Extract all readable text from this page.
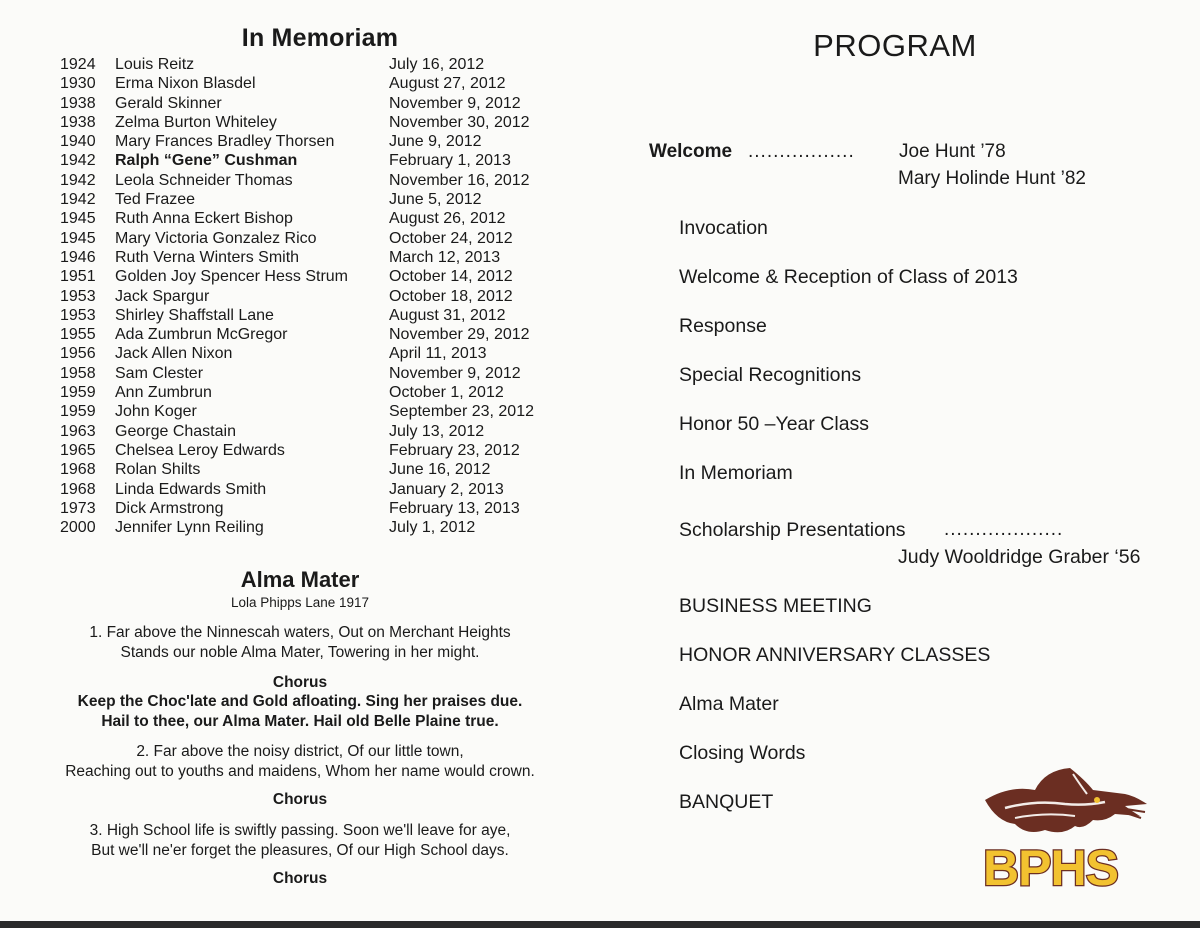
In Memoriam
1924 Louis Reitz	July 16, 2012
1930 Erma Nixon Blasdel	August 27, 2012
1938 Gerald Skinner	November 9, 2012
1938 Zelma Burton Whiteley	November 30, 2012
1940 Mary Frances Bradley Thorsen	June 9, 2012
1942 Ralph “Gene” Cushman	February 1, 2013
1942 Leola Schneider Thomas	November 16, 2012
1942 Ted Frazee	June 5, 2012
1945 Ruth Anna Eckert Bishop	August 26, 2012
1945 Mary Victoria Gonzalez Rico	October 24, 2012
1946 Ruth Verna Winters Smith	March 12, 2013
1951 Golden Joy Spencer Hess Strum	October 14, 2012
1953 Jack Spargur	October 18, 2012
1953 Shirley Shaffstall Lane	August 31, 2012
1955 Ada Zumbrun McGregor	November 29, 2012
1956 Jack Allen Nixon	April 11, 2013
1958 Sam Clester	November 9, 2012
1959 Ann Zumbrun	October 1, 2012
1959 John Koger	September 23, 2012
1963 George Chastain	July 13, 2012
1965 Chelsea Leroy Edwards	February 23, 2012
1968 Rolan Shilts	June 16, 2012
1968 Linda Edwards Smith	January 2, 2013
1973 Dick Armstrong	February 13, 2013
2000 Jennifer Lynn Reiling	July 1, 2012
Alma Mater
Lola Phipps Lane 1917
1. Far above the Ninnescah waters, Out on Merchant Heights
Stands our noble Alma Mater, Towering in her might.
Chorus
Keep the Choc'late and Gold afloating. Sing her praises due.
Hail to thee, our Alma Mater. Hail old Belle Plaine true.
2. Far above the noisy district, Of our little town,
Reaching out to youths and maidens, Whom her name would crown.
Chorus
3. High School life is swiftly passing. Soon we'll leave for aye,
But we'll ne'er forget the pleasures, Of our High School days.
Chorus
PROGRAM
Welcome ................. Joe Hunt ’78
Mary Holinde Hunt ’82
Invocation
Welcome & Reception of Class of 2013
Response
Special Recognitions
Honor 50 –Year Class
In Memoriam
Scholarship Presentations ...................
Judy Wooldridge Graber ‘56
BUSINESS MEETING
HONOR ANNIVERSARY CLASSES
Alma Mater
Closing Words
BANQUET
BPHS
